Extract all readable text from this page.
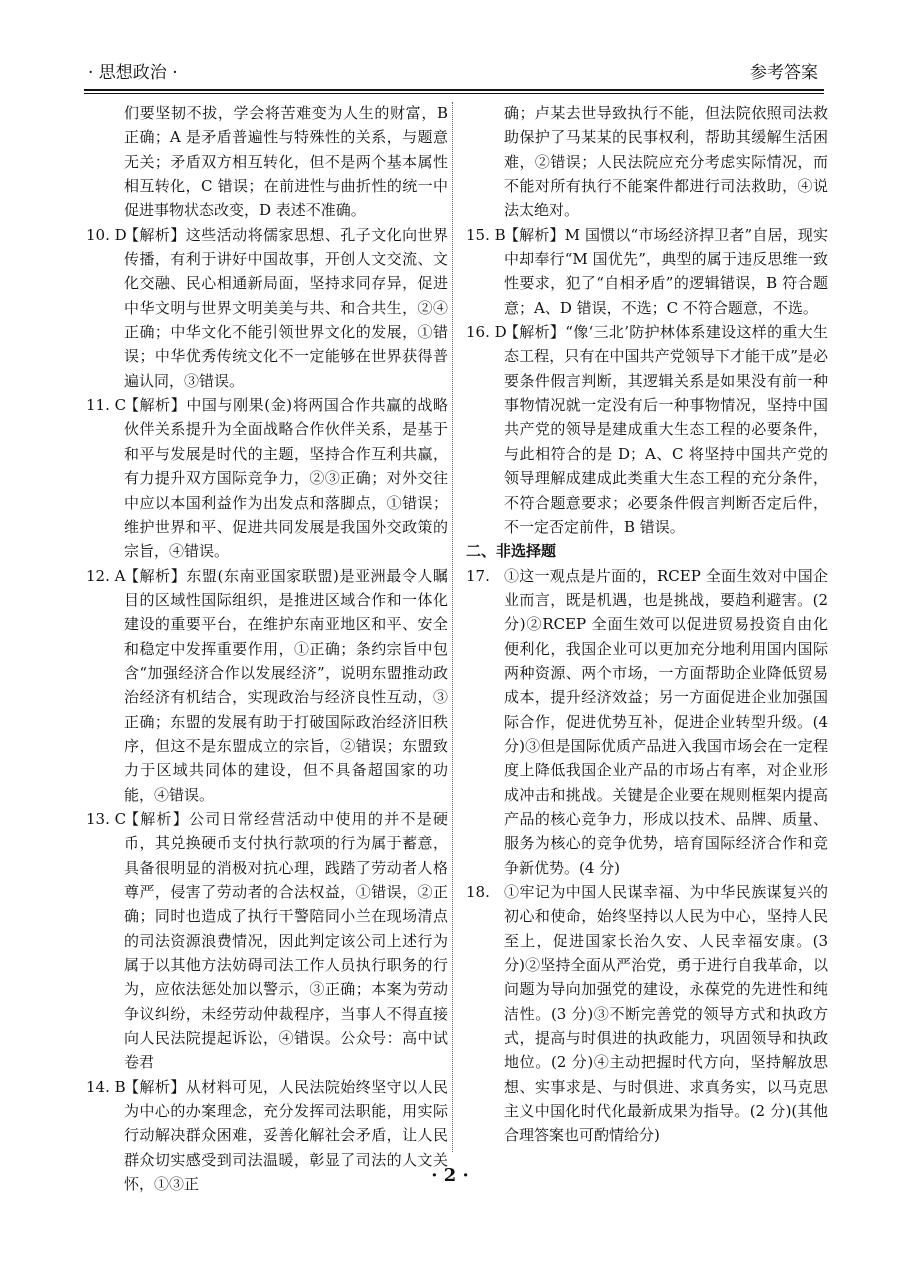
· 思想政治 ·	参考答案
们要坚韧不拔，学会将苦难变为人生的财富，B 正确；A 是矛盾普遍性与特殊性的关系，与题意无关；矛盾双方相互转化，但不是两个基本属性相互转化，C 错误；在前进性与曲折性的统一中促进事物状态改变，D 表述不准确。
10. D
【解析】这些活动将儒家思想、孔子文化向世界传播，有利于讲好中国故事，开创人文交流、文化交融、民心相通新局面，坚持求同存异，促进中华文明与世界文明美美与共、和合共生，②④正确；中华文化不能引领世界文化的发展，①错误；中华优秀传统文化不一定能够在世界获得普遍认同，③错误。
11. C
【解析】中国与刚果(金)将两国合作共赢的战略伙伴关系提升为全面战略合作伙伴关系，是基于和平与发展是时代的主题，坚持合作互利共赢，有力提升双方国际竞争力，②③正确；对外交往中应以本国利益作为出发点和落脚点，①错误；维护世界和平、促进共同发展是我国外交政策的宗旨，④错误。
12. A
【解析】东盟(东南亚国家联盟)是亚洲最令人瞩目的区域性国际组织，是推进区域合作和一体化建设的重要平台，在维护东南亚地区和平、安全和稳定中发挥重要作用，①正确；条约宗旨中包含“加强经济合作以发展经济”，说明东盟推动政治经济有机结合，实现政治与经济良性互动，③正确；东盟的发展有助于打破国际政治经济旧秩序，但这不是东盟成立的宗旨，②错误；东盟致力于区域共同体的建设，但不具备超国家的功能，④错误。
13. C
【解析】公司日常经营活动中使用的并不是硬币，其兑换硬币支付执行款项的行为属于蓄意，具备很明显的消极对抗心理，践踏了劳动者人格尊严，侵害了劳动者的合法权益，①错误，②正确；同时也造成了执行干警陪同小兰在现场清点的司法资源浪费情况，因此判定该公司上述行为属于以其他方法妨碍司法工作人员执行职务的行为，应依法惩处加以警示，③正确；本案为劳动争议纠纷，未经劳动仲裁程序，当事人不得直接向人民法院提起诉讼，④错误。公众号：高中试卷君
14. B
【解析】从材料可见，人民法院始终坚守以人民为中心的办案理念，充分发挥司法职能，用实际行动解决群众困难，妥善化解社会矛盾，让人民群众切实感受到司法温暖，彰显了司法的人文关怀，①③正
确；卢某去世导致执行不能，但法院依照司法救助保护了马某某的民事权利，帮助其缓解生活困难，②错误；人民法院应充分考虑实际情况，而不能对所有执行不能案件都进行司法救助，④说法太绝对。
15. B
【解析】M 国惯以“市场经济捍卫者”自居，现实中却奉行“M 国优先”，典型的属于违反思维一致性要求，犯了“自相矛盾”的逻辑错误，B 符合题意；A、D 错误，不选；C 不符合题意，不选。
16. D
【解析】“像‘三北’防护林体系建设这样的重大生态工程，只有在中国共产党领导下才能干成”是必要条件假言判断，其逻辑关系是如果没有前一种事物情况就一定没有后一种事物情况，坚持中国共产党的领导是建成重大生态工程的必要条件，与此相符合的是 D；A、C 将坚持中国共产党的领导理解成建成此类重大生态工程的充分条件，不符合题意要求；必要条件假言判断否定后件，不一定否定前件，B 错误。
二、非选择题
17. ①这一观点是片面的，RCEP 全面生效对中国企业而言，既是机遇，也是挑战，要趋利避害。(2 分)②RCEP 全面生效可以促进贸易投资自由化便利化，我国企业可以更加充分地利用国内国际两种资源、两个市场，一方面帮助企业降低贸易成本，提升经济效益；另一方面促进企业加强国际合作，促进优势互补，促进企业转型升级。(4 分)③但是国际优质产品进入我国市场会在一定程度上降低我国企业产品的市场占有率，对企业形成冲击和挑战。关键是企业要在规则框架内提高产品的核心竞争力，形成以技术、品牌、质量、服务为核心的竞争优势，培育国际经济合作和竞争新优势。(4 分)
18. ①牢记为中国人民谋幸福、为中华民族谋复兴的初心和使命，始终坚持以人民为中心，坚持人民至上，促进国家长治久安、人民幸福安康。(3 分)②坚持全面从严治党，勇于进行自我革命，以问题为导向加强党的建设，永葆党的先进性和纯洁性。(3 分)③不断完善党的领导方式和执政方式，提高与时俱进的执政能力，巩固领导和执政地位。(2 分)④主动把握时代方向，坚持解放思想、实事求是、与时俱进、求真务实，以马克思主义中国化时代化最新成果为指导。(2 分)(其他合理答案也可酌情给分)
· 2 ·
